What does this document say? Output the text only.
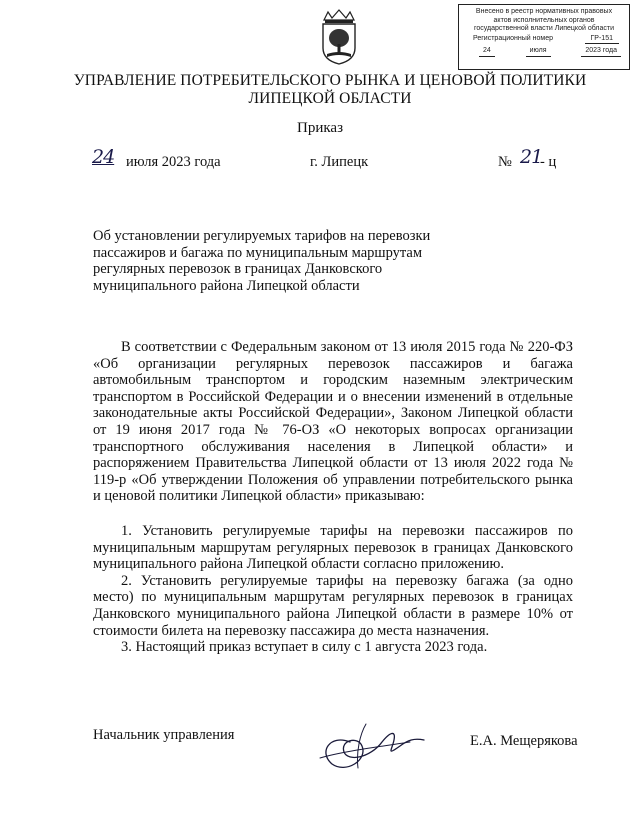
Внесено в реестр нормативных правовых
актов исполнительных органов
государственной власти Липецкой области
Регистрационный номер	ГР-151
24	июля	2023 года
УПРАВЛЕНИЕ ПОТРЕБИТЕЛЬСКОГО РЫНКА И ЦЕНОВОЙ ПОЛИТИКИ
ЛИПЕЦКОЙ ОБЛАСТИ
Приказ
24 июля 2023 года	г. Липецк	№ 21
- ц
Об установлении регулируемых тарифов на перевозки
пассажиров и багажа по муниципальным маршрутам
регулярных перевозок в границах Данковского
муниципального района Липецкой области

В соответствии с Федеральным законом от 13 июля 2015 года № 220-ФЗ «Об организации регулярных перевозок пассажиров и багажа автомобильным транспортом и городским наземным электрическим транспортом в Российской Федерации и о внесении изменений в отдельные законодательные акты Российской Федерации», Законом Липецкой области от 19 июня 2017 года № 76-ОЗ «О некоторых вопросах организации транспортного обслуживания населения в Липецкой области» и распоряжением Правительства Липецкой области от 13 июля 2022 года № 119-р «Об утверждении Положения об управлении потребительского рынка и ценовой политики Липецкой области» приказываю:

1. Установить регулируемые тарифы на перевозки пассажиров по муниципальным маршрутам регулярных перевозок в границах Данковского муниципального района Липецкой области согласно приложению.

2. Установить регулируемые тарифы на перевозку багажа (за одно место) по муниципальным маршрутам регулярных перевозок в границах Данковского муниципального района Липецкой области в размере 10% от стоимости билета на перевозку пассажира до места назначения.

3. Настоящий приказ вступает в силу с 1 августа 2023 года.

Начальник управления	Е.А. Мещерякова
